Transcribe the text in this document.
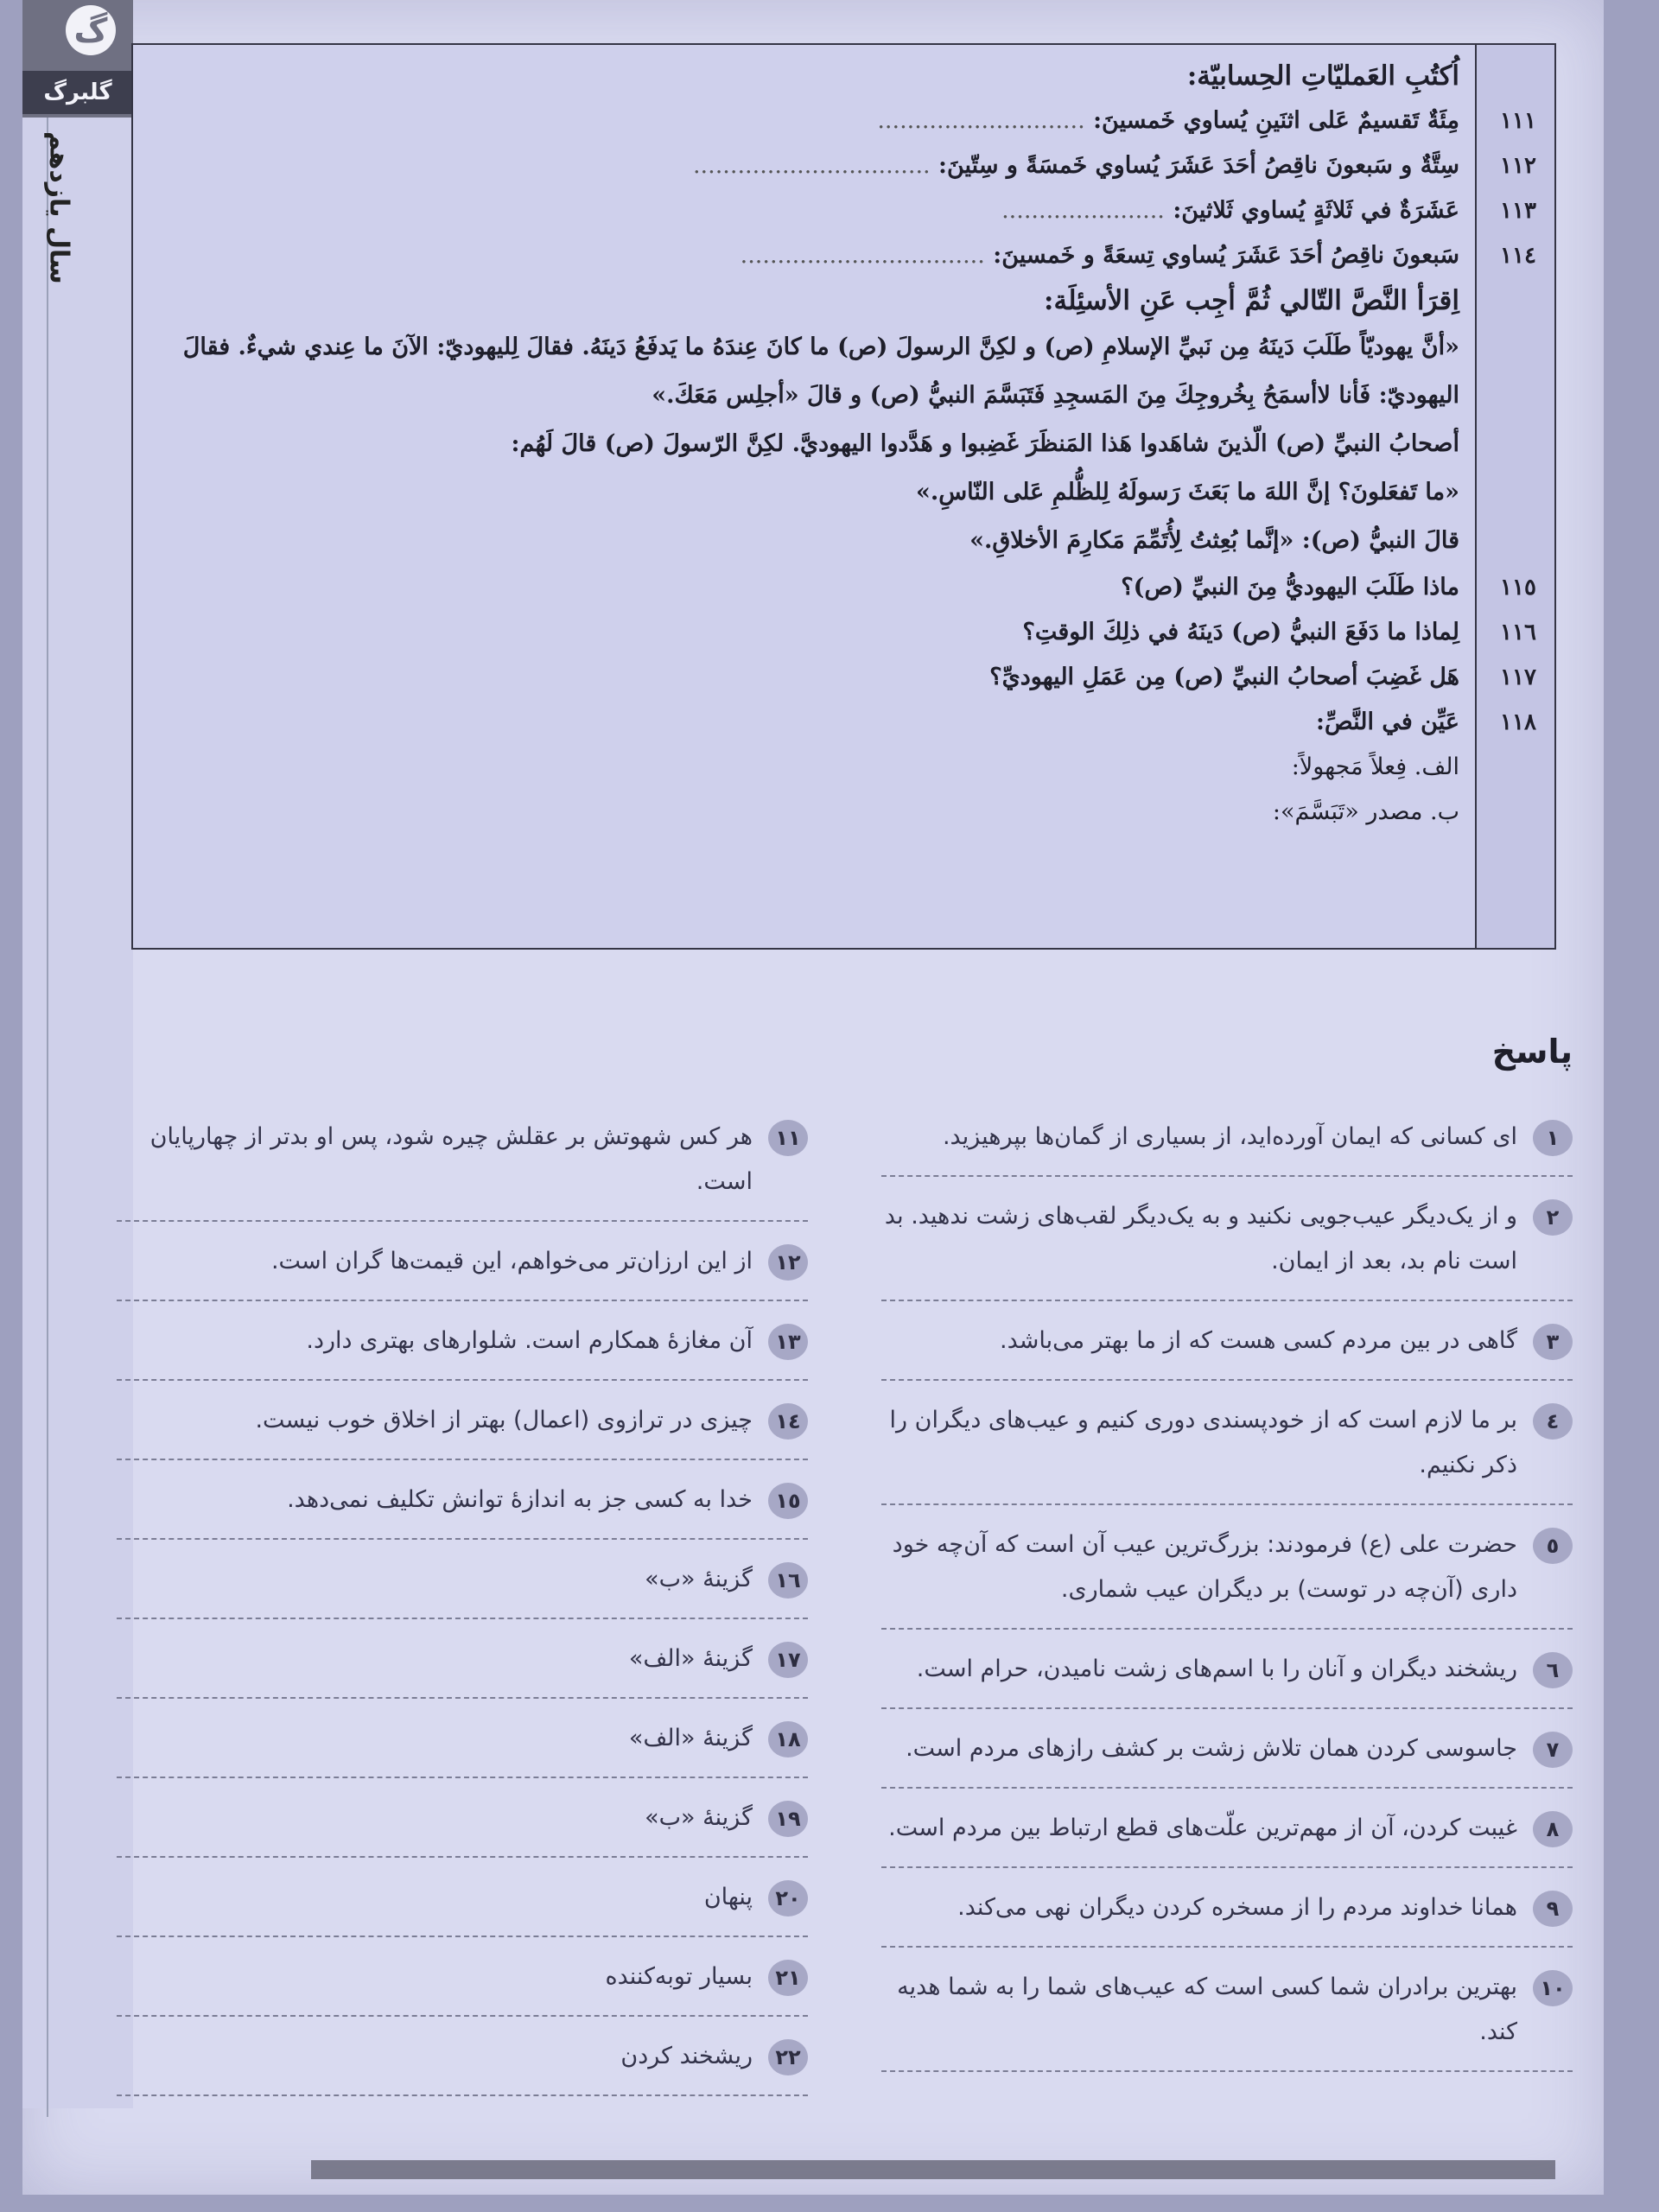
گ
گلبرگ
سال یازدهم
اُكتُبِ العَمليّاتِ الحِسابيّة:
١١١
مِئَةٌ تَقسيمٌ عَلى اثنَينِ يُساوي خَمسينَ: ............................
١١٢
سِتَّةٌ و سَبعونَ ناقِصُ أحَدَ عَشَرَ يُساوي خَمسَةً و سِتّينَ: ................................
١١٣
عَشَرَةٌ في ثَلاثَةٍ يُساوي ثَلاثينَ: ......................
١١٤
سَبعونَ ناقِصُ أحَدَ عَشَرَ يُساوي تِسعَةً و خَمسينَ: .................................
اِقرَأ النَّصَّ التّالي ثُمَّ أجِب عَنِ الأسئِلَة:
«أنَّ يهوديّاً طَلَبَ دَينَهُ مِن نَبيِّ الإسلامِ (ص) و لكِنَّ الرسولَ (ص) ما كانَ عِندَهُ ما يَدفَعُ دَينَهُ. فقالَ لِليهوديّ: الآنَ ما عِندي شيءٌ. فقالَ
اليهوديّ: فَأنا لاأسمَحُ بِخُروجِكَ مِنَ المَسجِدِ فَتَبَسَّمَ النبيُّ (ص) و قالَ «أجلِس مَعَكَ.»
أصحابُ النبيِّ (ص) الّذينَ شاهَدوا هَذا المَنظَرَ غَضِبوا و هَدَّدوا اليهوديَّ. لكِنَّ الرّسولَ (ص) قالَ لَهُم:
«ما تَفعَلونَ؟ إنَّ اللهَ ما بَعَثَ رَسولَهُ لِلظُّلمِ عَلى النّاسِ.»
قالَ النبيُّ (ص): «إنَّما بُعِثتُ لِأُتَمِّمَ مَكارِمَ الأخلاقِ.»
١١٥
ماذا طَلَبَ اليهوديُّ مِنَ النبيِّ (ص)؟
١١٦
لِماذا ما دَفَعَ النبيُّ (ص) دَينَهُ في ذلِكَ الوقتِ؟
١١٧
هَل غَضِبَ أصحابُ النبيِّ (ص) مِن عَمَلِ اليهوديِّ؟
١١٨
عَيِّن في النَّصِّ:
الف. فِعلاً مَجهولاً:
ب. مصدر «تَبَسَّمَ»:
پاسخ
١
ای کسانی که ایمان آورده‌اید، از بسیاری از گمان‌ها بپرهیزید.
٢
و از یک‌دیگر عیب‌جویی نکنید و به یک‌دیگر لقب‌های زشت ندهید. بد است نام بد، بعد از ایمان.
٣
گاهی در بین مردم کسی هست که از ما بهتر می‌باشد.
٤
بر ما لازم است که از خودپسندی دوری کنیم و عیب‌های دیگران را ذکر نکنیم.
٥
حضرت علی (ع) فرمودند: بزرگ‌ترین عیب آن است که آن‌چه خود داری (آن‌چه در توست) بر دیگران عیب شماری.
٦
ریشخند دیگران و آنان را با اسم‌های زشت نامیدن، حرام است.
٧
جاسوسی کردن همان تلاش زشت بر کشف رازهای مردم است.
٨
غیبت کردن، آن از مهم‌ترین علّت‌های قطع ارتباط بین مردم است.
٩
همانا خداوند مردم را از مسخره کردن دیگران نهی می‌کند.
١٠
بهترین برادران شما کسی است که عیب‌های شما را به شما هدیه کند.
١١
هر کس شهوتش بر عقلش چیره شود، پس او بدتر از چهارپایان است.
١٢
از این ارزان‌تر می‌خواهم، این قیمت‌ها گران است.
١٣
آن مغازهٔ همکارم است. شلوارهای بهتری دارد.
١٤
چیزی در ترازوی (اعمال) بهتر از اخلاق خوب نیست.
١٥
خدا به کسی جز به اندازهٔ توانش تکلیف نمی‌دهد.
١٦
گزینهٔ «ب»
١٧
گزینهٔ «الف»
١٨
گزینهٔ «الف»
١٩
گزینهٔ «ب»
٢٠
پنهان
٢١
بسیار توبه‌کننده
٢٢
ریشخند کردن
